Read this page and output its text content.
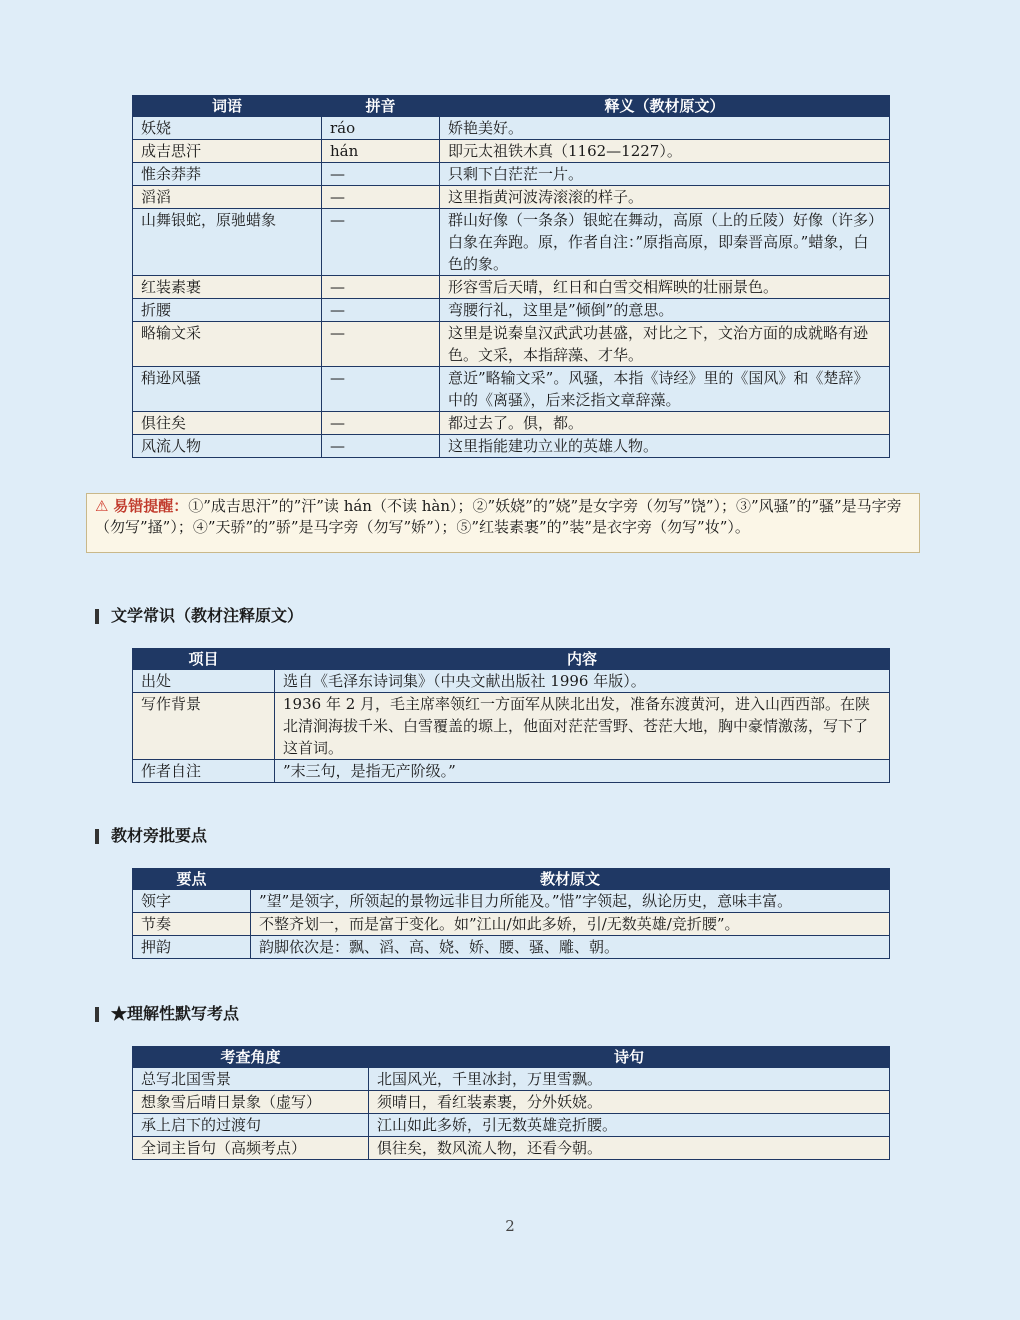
词语	拼音	释义（教材原文）
妖娆	ráo	娇艳美好。
成吉思汗	hán	即元太祖铁木真（1162—1227）。
惟余莽莽	—	只剩下白茫茫一片。
滔滔	—	这里指黄河波涛滚滚的样子。
山舞银蛇，原驰蜡象	—	群山好像（一条条）银蛇在舞动，高原（上的丘陵）好像（许多）白象在奔跑。原，作者自注：”原指高原，即秦晋高原。”蜡象，白色的象。
红装素裹	—	形容雪后天晴，红日和白雪交相辉映的壮丽景色。
折腰	—	弯腰行礼，这里是”倾倒”的意思。
略输文采	—	这里是说秦皇汉武武功甚盛，对比之下，文治方面的成就略有逊色。文采，本指辞藻、才华。
稍逊风骚	—	意近”略输文采”。风骚，本指《诗经》里的《国风》和《楚辞》中的《离骚》，后来泛指文章辞藻。
俱往矣	—	都过去了。俱，都。
风流人物	—	这里指能建功立业的英雄人物。
⚠ 易错提醒：①”成吉思汗”的”汗”读 hán（不读 hàn）；②”妖娆”的”娆”是女字旁（勿写”饶”）；③”风骚”的”骚”是马字旁（勿写”搔”）；④”天骄”的”骄”是马字旁（勿写”娇”）；⑤”红装素裹”的”装”是衣字旁（勿写”妆”）。
文学常识（教材注释原文）
项目	内容
出处	选自《毛泽东诗词集》（中央文献出版社 1996 年版）。
写作背景	1936 年 2 月，毛主席率领红一方面军从陕北出发，准备东渡黄河，进入山西西部。在陕北清涧海拔千米、白雪覆盖的塬上，他面对茫茫雪野、苍茫大地，胸中豪情激荡，写下了这首词。
作者自注	”末三句，是指无产阶级。”
教材旁批要点
要点	教材原文
领字	”望”是领字，所领起的景物远非目力所能及。”惜”字领起，纵论历史，意味丰富。
节奏	不整齐划一，而是富于变化。如”江山/如此多娇，引/无数英雄/竞折腰”。
押韵	韵脚依次是：飘、滔、高、娆、娇、腰、骚、雕、朝。
★理解性默写考点
考查角度	诗句
总写北国雪景	北国风光，千里冰封，万里雪飘。
想象雪后晴日景象（虚写）	须晴日，看红装素裹，分外妖娆。
承上启下的过渡句	江山如此多娇，引无数英雄竞折腰。
全词主旨句（高频考点）	俱往矣，数风流人物，还看今朝。
2
